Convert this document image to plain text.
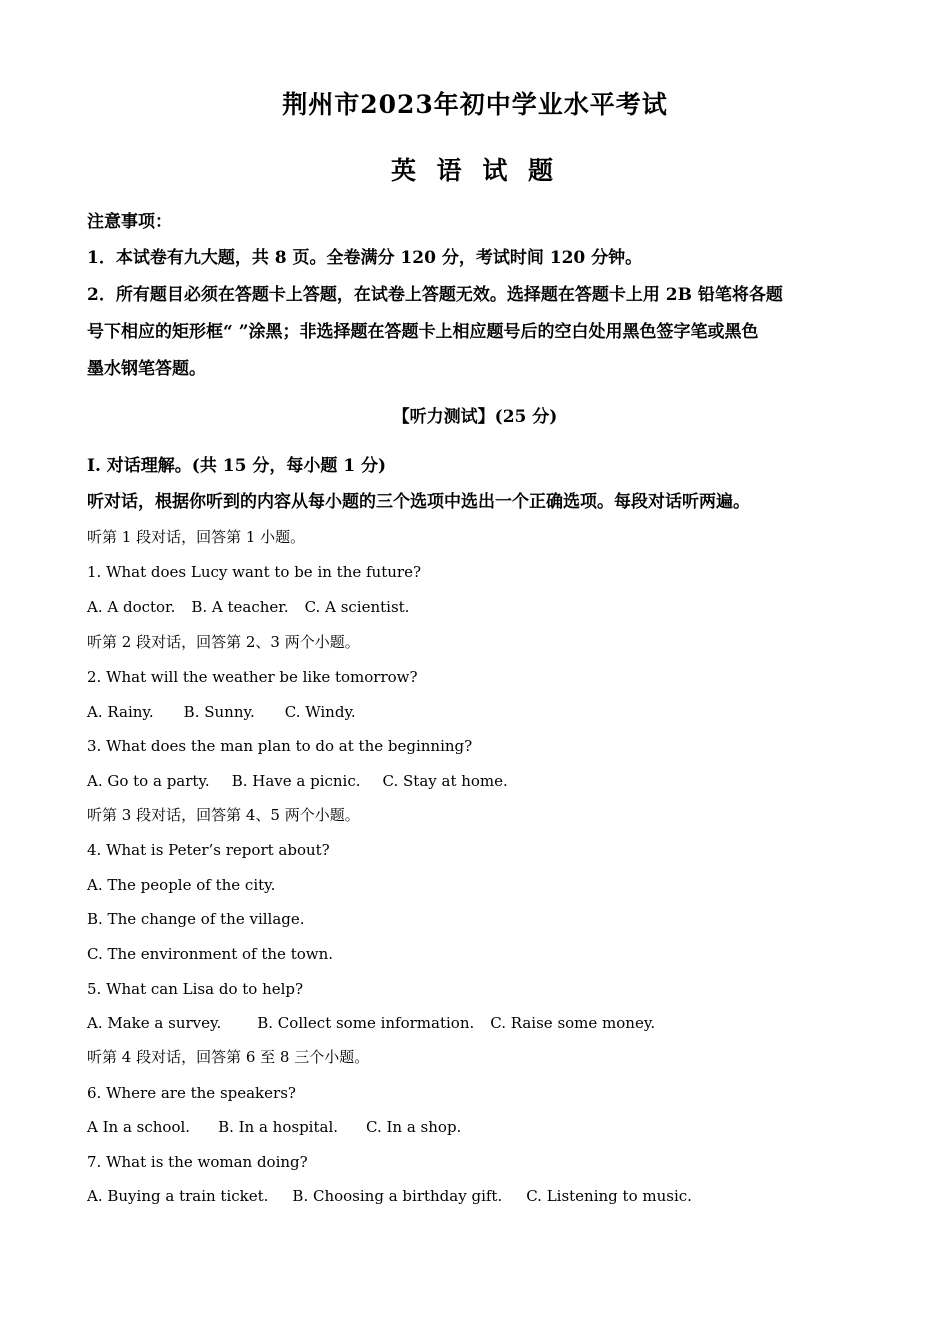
荆州市2023年初中学业水平考试
英 语 试 题
注意事项：
1．本试卷有九大题，共 8 页。全卷满分 120 分，考试时间 120 分钟。
2．所有题目必须在答题卡上答题，在试卷上答题无效。选择题在答题卡上用 2B 铅笔将各题
号下相应的矩形框“ ”涂黑；非选择题在答题卡上相应题号后的空白处用黑色签字笔或黑色
墨水钢笔答题。
【听力测试】(25 分)
Ⅰ. 对话理解。(共 15 分，每小题 1 分)
听对话，根据你听到的内容从每小题的三个选项中选出一个正确选项。每段对话听两遍。
听第 1 段对话，回答第 1 小题。
1. What does Lucy want to be in the future?
A. A doctor. B. A teacher. C. A scientist.
听第 2 段对话，回答第 2、3 两个小题。
2. What will the weather be like tomorrow?
A. Rainy. B. Sunny. C. Windy.
3. What does the man plan to do at the beginning?
A. Go to a party. B. Have a picnic. C. Stay at home.
听第 3 段对话，回答第 4、5 两个小题。
4. What is Peter’s report about?
A. The people of the city.
B. The change of the village.
C. The environment of the town.
5. What can Lisa do to help?
A. Make a survey. B. Collect some information. C. Raise some money.
听第 4 段对话，回答第 6 至 8 三个小题。
6. Where are the speakers?
A In a school. B. In a hospital. C. In a shop.
7. What is the woman doing?
A. Buying a train ticket. B. Choosing a birthday gift. C. Listening to music.
